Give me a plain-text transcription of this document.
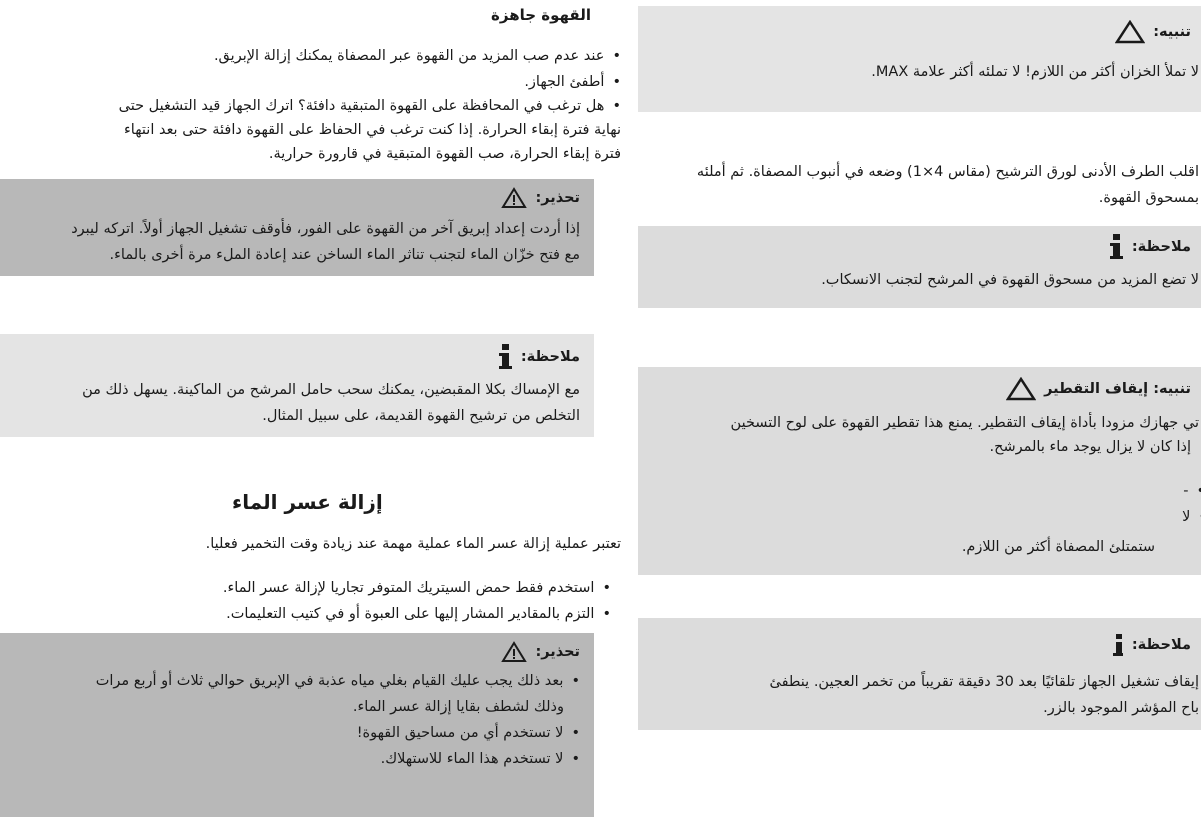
القهوة جاهزة
• عند عدم صب المزيد من القهوة عبر المصفاة يمكنك إزالة الإبريق.
• أطفئ الجهاز.
• هل ترغب في المحافظة على القهوة المتبقية دافئة؟ اترك الجهاز قيد التشغيل حتى
نهاية فترة إبقاء الحرارة. إذا كنت ترغب في الحفاظ على القهوة دافئة حتى بعد انتهاء
فترة إبقاء الحرارة، صب القهوة المتبقية في قارورة حرارية.
تحذير:
إذا أردت إعداد إبريق آخر من القهوة على الفور، فأوقف تشغيل الجهاز أولاً. اتركه ليبرد
مع فتح خزّان الماء لتجنب تناثر الماء الساخن عند إعادة الملء مرة أخرى بالماء.
ملاحظة:
مع الإمساك بكلا المقبضين، يمكنك سحب حامل المرشح من الماكينة. يسهل ذلك من
التخلص من ترشيح القهوة القديمة، على سبيل المثال.
إزالة عسر الماء
تعتبر عملية إزالة عسر الماء عملية مهمة عند زيادة وقت التخمير فعليا.
• استخدم فقط حمض السيتريك المتوفر تجاريا لإزالة عسر الماء.
• التزم بالمقادير المشار إليها على العبوة أو في كتيب التعليمات.
تحذير:
• بعد ذلك يجب عليك القيام بغلي مياه عذبة في الإبريق حوالي ثلاث أو أربع مرات
وذلك لشطف بقايا إزالة عسر الماء.
• لا تستخدم أي من مساحيق القهوة!
• لا تستخدم هذا الماء للاستهلاك.
تنبيه:
لا تملأ الخزان أكثر من اللازم! لا تملئه أكثر علامة MAX.
اقلب الطرف الأدنى لورق الترشيح (مقاس 4×1) وضعه في أنبوب المصفاة. ثم أملئه
بمسحوق القهوة.
ملاحظة:
لا تضع المزيد من مسحوق القهوة في المرشح لتجنب الانسكاب.
تنبيه: إيقاف التقطير
تي جهازك مزودا بأداة إيقاف التقطير. يمنع هذا تقطير القهوة على لوح التسخين
إذا كان لا يزال يوجد ماء بالمرشح.
• -
• لا
ستمتلئ المصفاة أكثر من اللازم.
ملاحظة:
إيقاف تشغيل الجهاز تلقائيًا بعد 30 دقيقة تقريباً من تخمر العجين. ينطفئ
باح المؤشر الموجود بالزر.
